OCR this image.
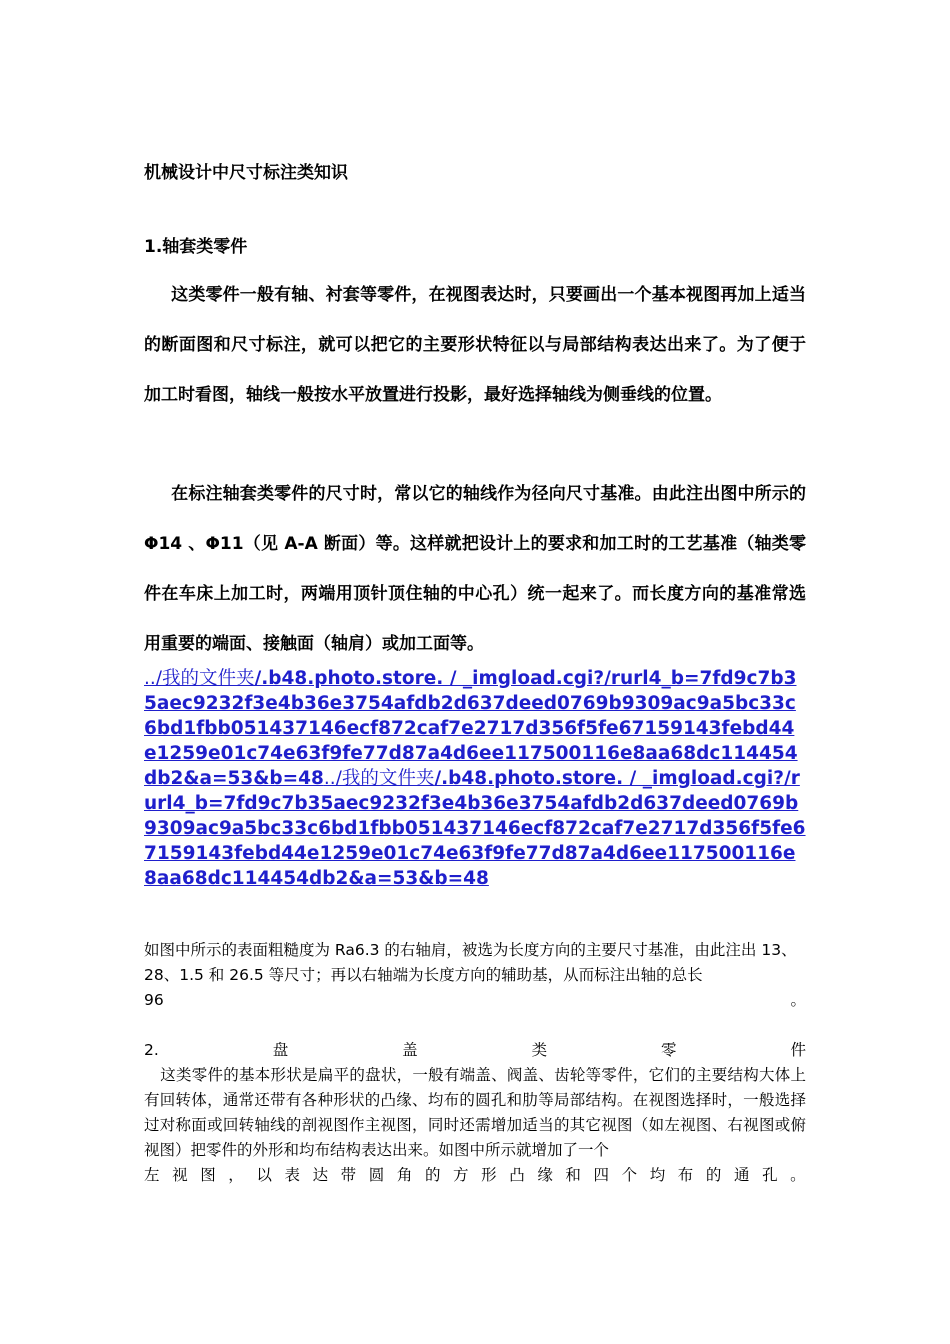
机械设计中尺寸标注类知识
1.轴套类零件
这类零件一般有轴、衬套等零件，在视图表达时，只要画出一个基本视图再加上适当的断面图和尺寸标注，就可以把它的主要形状特征以与局部结构表达出来了。为了便于加工时看图，轴线一般按水平放置进行投影，最好选择轴线为侧垂线的位置。
在标注轴套类零件的尺寸时，常以它的轴线作为径向尺寸基准。由此注出图中所示的 Φ14 、Φ11（见 A-A 断面）等。这样就把设计上的要求和加工时的工艺基准（轴类零件在车床上加工时，两端用顶针顶住轴的中心孔）统一起来了。而长度方向的基准常选用重要的端面、接触面（轴肩）或加工面等。
../我的文件夹/.b48.photo.store. / _imgload.cgi?/rurl4_b=7fd9c7b35aec9232f3e4b36e3754afdb2d637deed0769b9309ac9a5bc33c6bd1fbb051437146ecf872caf7e2717d356f5fe67159143febd44e1259e01c74e63f9fe77d87a4d6ee117500116e8aa68dc114454db2&a=53&b=48../我的文件夹/.b48.photo.store. / _imgload.cgi?/rurl4_b=7fd9c7b35aec9232f3e4b36e3754afdb2d637deed0769b9309ac9a5bc33c6bd1fbb051437146ecf872caf7e2717d356f5fe67159143febd44e1259e01c74e63f9fe77d87a4d6ee117500116e8aa68dc114454db2&a=53&b=48
如图中所示的表面粗糙度为 Ra6.3 的右轴肩，被选为长度方向的主要尺寸基准，由此注出 13、28、1.5 和 26.5 等尺寸；再以右轴端为长度方向的辅助基，从而标注出轴的总长
96	。
2.	盘	盖	类	零	件
这类零件的基本形状是扁平的盘状，一般有端盖、阀盖、齿轮等零件，它们的主要结构大体上有回转体，通常还带有各种形状的凸缘、均布的圆孔和肋等局部结构。在视图选择时，一般选择过对称面或回转轴线的剖视图作主视图，同时还需增加适当的其它视图（如左视图、右视图或俯视图）把零件的外形和均布结构表达出来。如图中所示就增加了一个
左 视 图 ， 以 表 达 带 圆 角 的 方 形 凸 缘 和 四 个 均 布 的 通 孔 。
